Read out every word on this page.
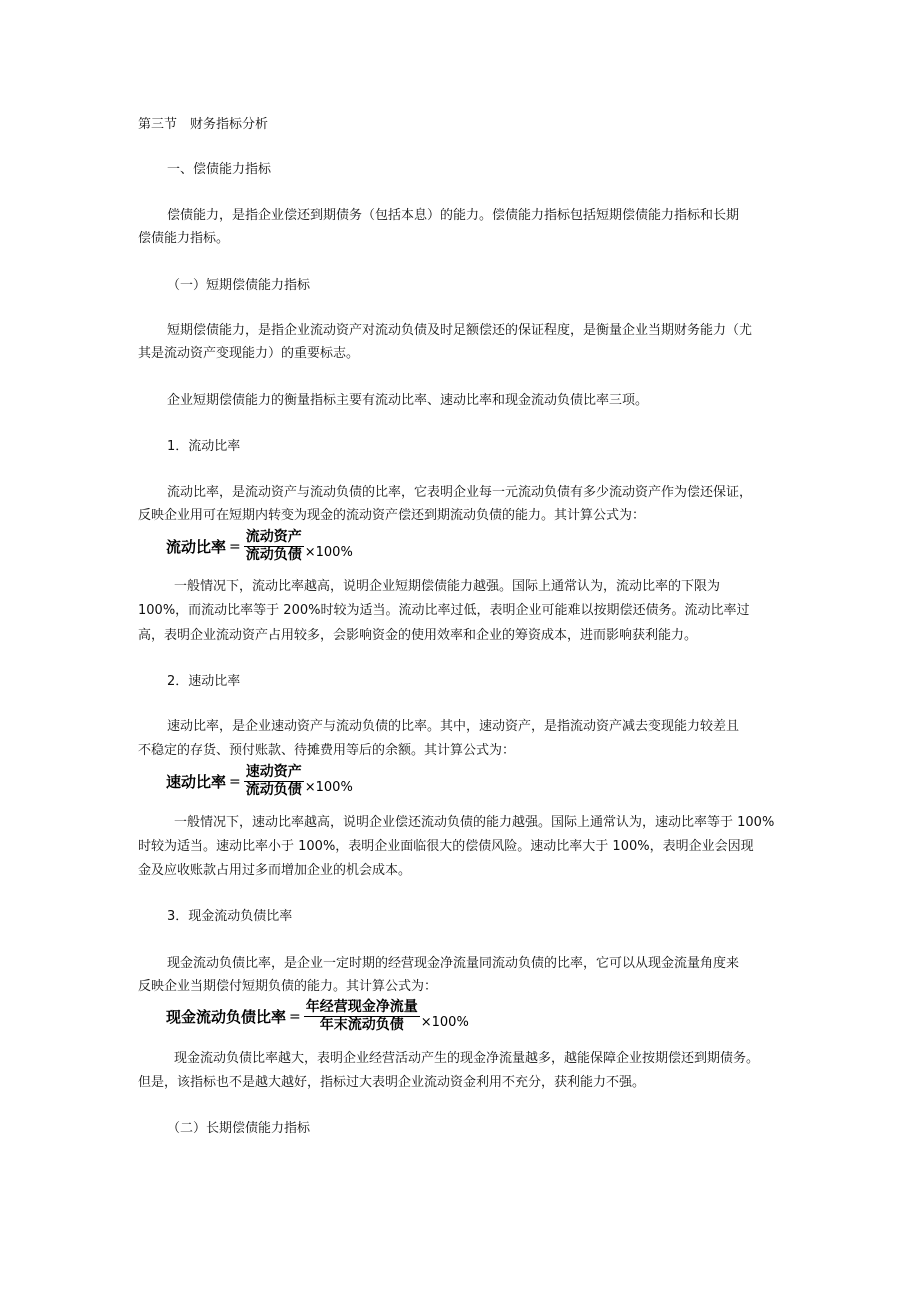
第三节　财务指标分析
一、偿债能力指标
偿债能力，是指企业偿还到期债务（包括本息）的能力。偿债能力指标包括短期偿债能力指标和长期
偿债能力指标。
（一）短期偿债能力指标
短期偿债能力，是指企业流动资产对流动负债及时足额偿还的保证程度，是衡量企业当期财务能力（尤
其是流动资产变现能力）的重要标志。
企业短期偿债能力的衡量指标主要有流动比率、速动比率和现金流动负债比率三项。
1．流动比率
流动比率，是流动资产与流动负债的比率，它表明企业每一元流动负债有多少流动资产作为偿还保证，
反映企业用可在短期内转变为现金的流动资产偿还到期流动负债的能力。其计算公式为：
流动比率 = $\frac{\text{流动资产}}{\text{流动负债}} \times 100\%$
一般情况下，流动比率越高，说明企业短期偿债能力越强。国际上通常认为，流动比率的下限为
100%，而流动比率等于 200%时较为适当。流动比率过低，表明企业可能难以按期偿还债务。流动比率过
高，表明企业流动资产占用较多，会影响资金的使用效率和企业的筹资成本，进而影响获利能力。
2．速动比率
速动比率，是企业速动资产与流动负债的比率。其中，速动资产，是指流动资产减去变现能力较差且
不稳定的存货、预付账款、待摊费用等后的余额。其计算公式为：
速动比率 = $\frac{\text{速动资产}}{\text{流动负债}} \times 100\%$
一般情况下，速动比率越高，说明企业偿还流动负债的能力越强。国际上通常认为，速动比率等于 100%
时较为适当。速动比率小于 100%，表明企业面临很大的偿债风险。速动比率大于 100%，表明企业会因现
金及应收账款占用过多而增加企业的机会成本。
3．现金流动负债比率
现金流动负债比率，是企业一定时期的经营现金净流量同流动负债的比率，它可以从现金流量角度来
反映企业当期偿付短期负债的能力。其计算公式为：
现金流动负债比率 = $\frac{\text{年经营现金净流量}}{\text{年末流动负债}} \times 100\%$
现金流动负债比率越大，表明企业经营活动产生的现金净流量越多，越能保障企业按期偿还到期债务。
但是，该指标也不是越大越好，指标过大表明企业流动资金利用不充分，获利能力不强。
（二）长期偿债能力指标
